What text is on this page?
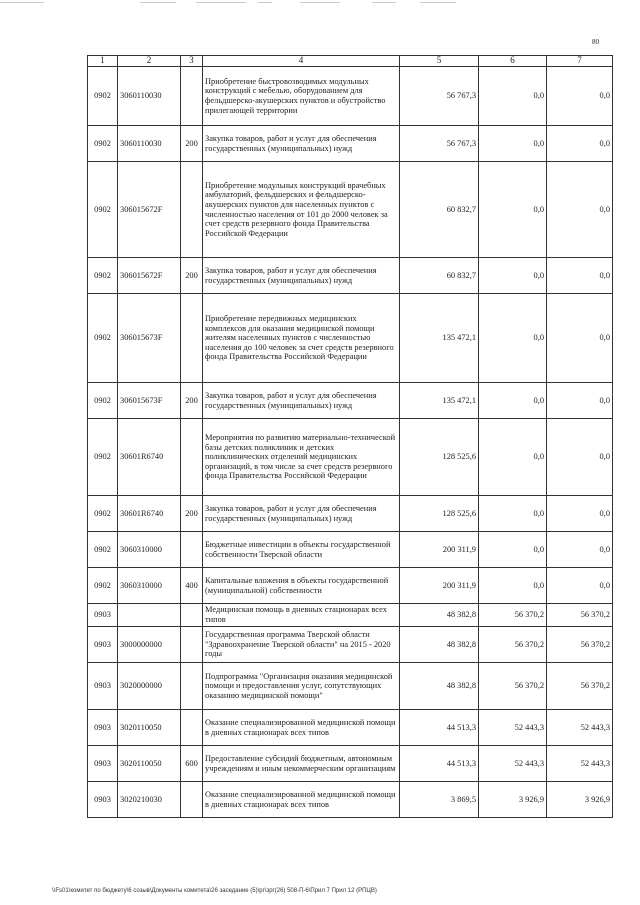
80
1	2	3	4	5	6	7
0902	3060110030		Приобретение быстровозводимых модульных конструкций с мебелью, оборудованием для фельдшерско-акушерских пунктов и обустройство прилегающей территории	56 767,3	0,0	0,0
0902	3060110030	200	Закупка товаров, работ и услуг для обеспечения государственных (муниципальных) нужд	56 767,3	0,0	0,0
0902	306015672F		Приобретение модульных конструкций врачебных амбулаторий, фельдшерских и фельдшерско-акушерских пунктов для населенных пунктов с численностью населения от 101 до 2000 человек за счет средств резервного фонда Правительства Российской Федерации	60 832,7	0,0	0,0
0902	306015672F	200	Закупка товаров, работ и услуг для обеспечения государственных (муниципальных) нужд	60 832,7	0,0	0,0
0902	306015673F		Приобретение передвижных медицинских комплексов для оказания медицинской помощи жителям населенных пунктов с численностью населения до 100 человек за счет средств резервного фонда Правительства Российской Федерации	135 472,1	0,0	0,0
0902	306015673F	200	Закупка товаров, работ и услуг для обеспечения государственных (муниципальных) нужд	135 472,1	0,0	0,0
0902	30601R6740		Мероприятия по развитию материально-технической базы детских поликлиник и детских поликлинических отделений медицинских организаций, в том числе за счет средств резервного фонда Правительства Российской Федерации	128 525,6	0,0	0,0
0902	30601R6740	200	Закупка товаров, работ и услуг для обеспечения государственных (муниципальных) нужд	128 525,6	0,0	0,0
0902	3060310000		Бюджетные инвестиции в объекты государственной собственности Тверской области	200 311,9	0,0	0,0
0902	3060310000	400	Капитальные вложения в объекты государственной (муниципальной) собственности	200 311,9	0,0	0,0
0903			Медицинская помощь в дневных стационарах всех типов	48 382,8	56 370,2	56 370,2
0903	3000000000		Государственная программа Тверской области "Здравоохранение Тверской области" на 2015 - 2020 годы	48 382,8	56 370,2	56 370,2
0903	3020000000		Подпрограмма "Организация оказания медицинской помощи и предоставления услуг, сопутствующих оказанию медицинской помощи"	48 382,8	56 370,2	56 370,2
0903	3020110050		Оказание специализированной медицинской помощи в дневных стационарах всех типов	44 513,3	52 443,3	52 443,3
0903	3020110050	600	Предоставление субсидий бюджетным, автономным учреждениям и иным некоммерческим организациям	44 513,3	52 443,3	52 443,3
0903	3020210030		Оказание специализированной медицинской помощи в дневных стационарах всех типов	3 869,5	3 926,9	3 926,9
\\Fs01\комитет по бюджету\6 созыв\Документы комитета\26 заседание (5)\рг\зрг(26) 508-П-6\Прил 7 Прил 12 (РПЦВ)
